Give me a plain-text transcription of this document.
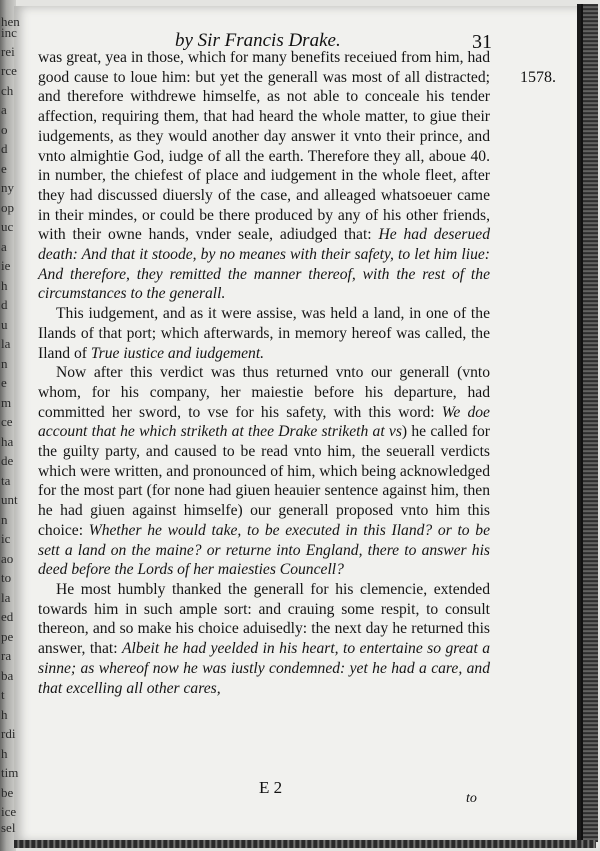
a
o
d
e
ny
op
uc
a
ie
h
d
u
la
n
e
m
ce
ha
de
ta
unt
n
ic
ao
to
la
ed
pe
ra
ba
t
h
rdi
h
tim
rce
ch
rei
inc
be
ice
hen
sel
by Sir Francis Drake.	31
1578.

was great, yea in those, which for many benefits receiued from him, had good cause to loue him: but yet the generall was most of all distracted; and therefore withdrewe himselfe, as not able to conceale his tender affection, requiring them, that had heard the whole matter, to giue their iudgements, as they would another day answer it vnto their prince, and vnto almightie God, iudge of all the earth. Therefore they all, aboue 40. in number, the chiefest of place and iudgement in the whole fleet, after they had discussed diuersly of the case, and alleaged whatsoeuer came in their mindes, or could be there produced by any of his other friends, with their owne hands, vnder seale, adiudged that: He had deserued death: And that it stoode, by no meanes with their safety, to let him liue: And therefore, they remitted the manner thereof, with the rest of the circumstances to the generall.

This iudgement, and as it were assise, was held a land, in one of the Ilands of that port; which afterwards, in memory hereof was called, the Iland of True iustice and iudgement.

Now after this verdict was thus returned vnto our generall (vnto whom, for his company, her maiestie before his departure, had committed her sword, to vse for his safety, with this word: We doe account that he which striketh at thee Drake striketh at vs) he called for the guilty party, and caused to be read vnto him, the seuerall verdicts which were written, and pronounced of him, which being acknowledged for the most part (for none had giuen heauier sentence against him, then he had giuen against himselfe) our generall proposed vnto him this choice: Whether he would take, to be executed in this Iland? or to be sett a land on the maine? or returne into England, there to answer his deed before the Lords of her maiesties Councell?

He most humbly thanked the generall for his clemencie, extended towards him in such ample sort: and crauing some respit, to consult thereon, and so make his choice aduisedly: the next day he returned this answer, that: Albeit he had yeelded in his heart, to entertaine so great a sinne; as whereof now he was iustly condemned: yet he had a care, and that excelling all other cares,

E 2
to
